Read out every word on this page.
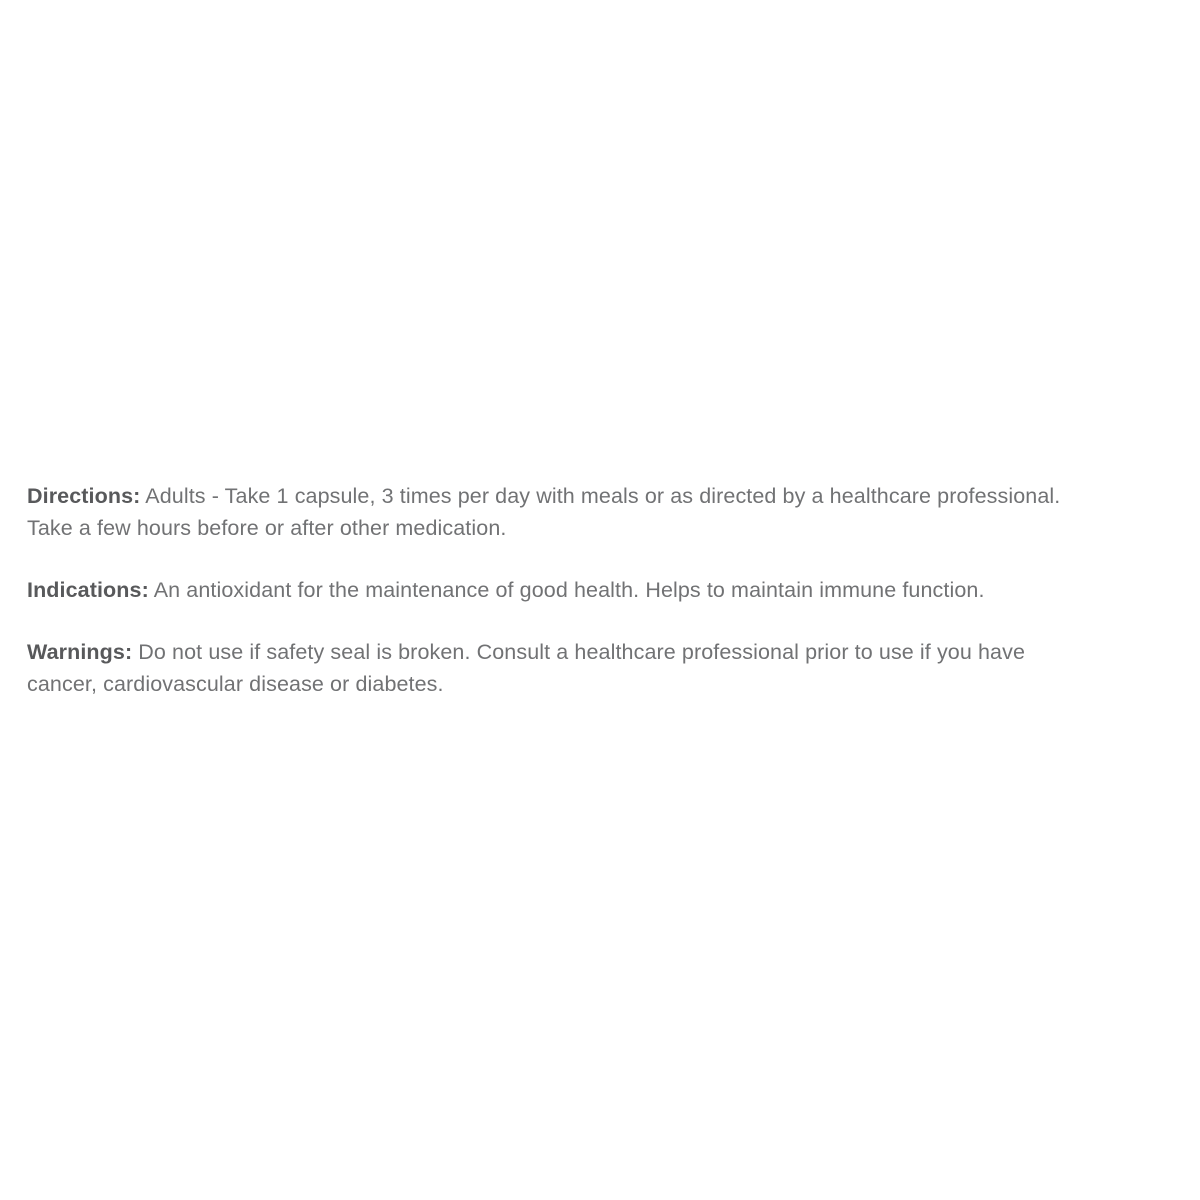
Directions: Adults - Take 1 capsule, 3 times per day with meals or as directed by a healthcare professional.
Take a few hours before or after other medication.

Indications: An antioxidant for the maintenance of good health. Helps to maintain immune function.

Warnings: Do not use if safety seal is broken. Consult a healthcare professional prior to use if you have
cancer, cardiovascular disease or diabetes.
